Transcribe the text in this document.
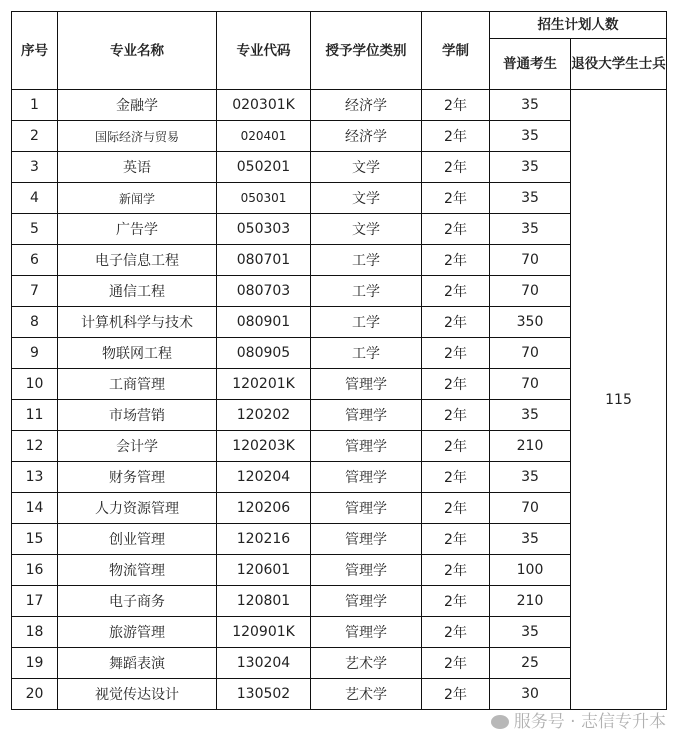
序号	专业名称	专业代码	授予学位类别	学制	招生计划人数	
					普通考生	退役大学生士兵
1	金融学	020301K	经济学	2年	35	115
2	国际经济与贸易	020401	经济学	2年	35	
3	英语	050201	文学	2年	35	
4	新闻学	050301	文学	2年	35	
5	广告学	050303	文学	2年	35	
6	电子信息工程	080701	工学	2年	70	
7	通信工程	080703	工学	2年	70	
8	计算机科学与技术	080901	工学	2年	350	
9	物联网工程	080905	工学	2年	70	
10	工商管理	120201K	管理学	2年	70	
11	市场营销	120202	管理学	2年	35	
12	会计学	120203K	管理学	2年	210	
13	财务管理	120204	管理学	2年	35	
14	人力资源管理	120206	管理学	2年	70	
15	创业管理	120216	管理学	2年	35	
16	物流管理	120601	管理学	2年	100	
17	电子商务	120801	管理学	2年	210	
18	旅游管理	120901K	管理学	2年	35	
19	舞蹈表演	130204	艺术学	2年	25	
20	视觉传达设计	130502	艺术学	2年	30	
服务号 · 志信专升本
